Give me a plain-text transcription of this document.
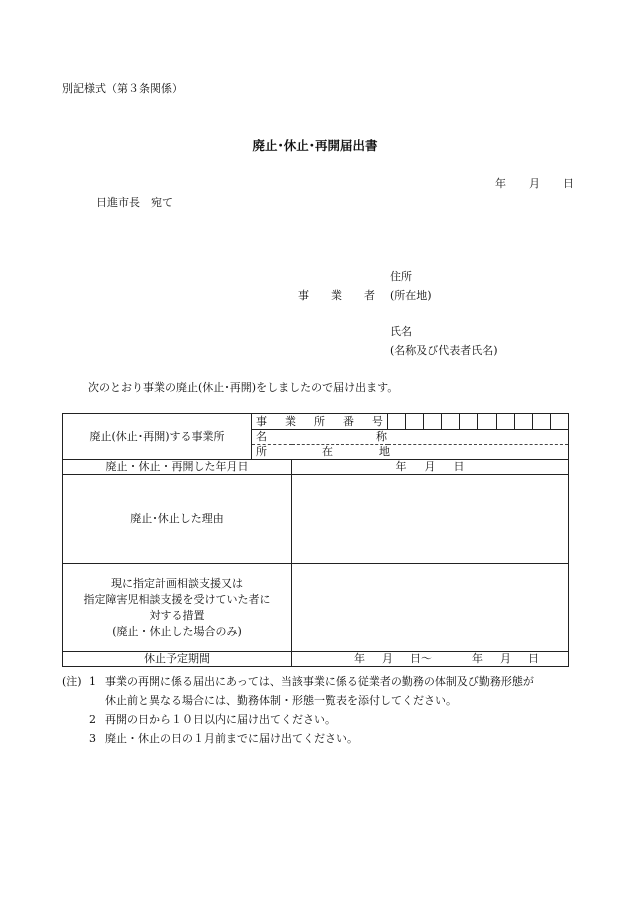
別記様式（第３条関係）
廃止･休止･再開届出書
年 月 日
日進市長　宛て
住所
事 業 者 (所在地)
氏名
(名称及び代表者氏名)
次のとおり事業の廃止(休止･再開)をしましたので届け出ます。
廃止(休止･再開)する事業所	事 業 所 番 号		

	名 称		

	所 在 地		

廃止・休止・再開した年月日		年 月 日	
廃止･休止した理由			

現に指定計画相談支援又は
指定障害児相談支援を受けていた者に
対する措置
(廃止・休止した場合のみ)			

休止予定期間		年 月 日～ 年 月 日	
(注) 1 事業の再開に係る届出にあっては、当該事業に係る従業者の勤務の体制及び勤務形態が
休止前と異なる場合には、勤務体制・形態一覧表を添付してください。
2 再開の日から１０日以内に届け出てください。
3 廃止・休止の日の１月前までに届け出てください。
